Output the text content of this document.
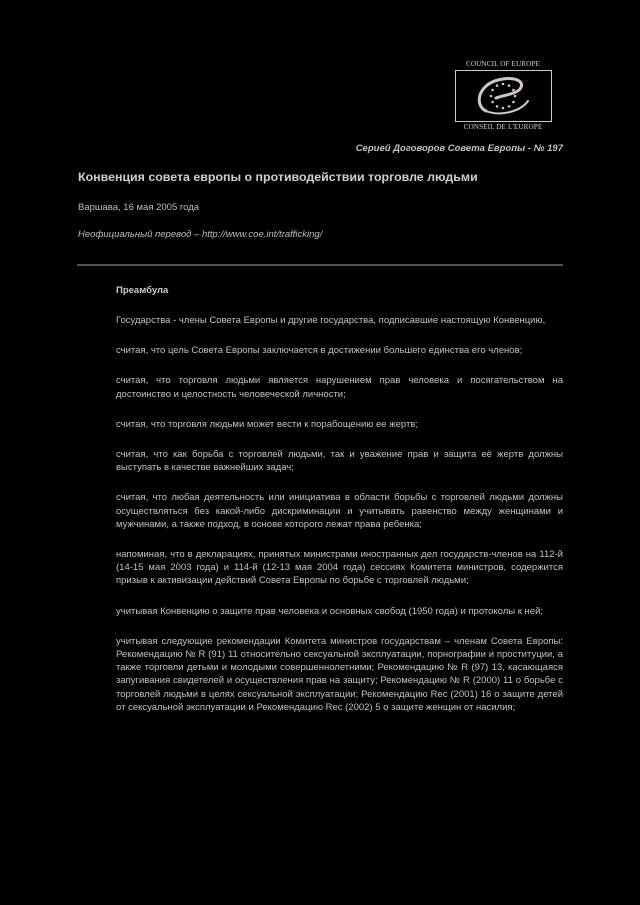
COUNCIL OF EUROPE
CONSEIL DE L'EUROPE
Серией Договоров Совета Европы - № 197
Конвенция совета европы о противодействии торговле людьми
Варшава, 16 мая 2005 года
Неофициальный перевод – http://www.coe.int/trafficking/
Преамбула

Государства - члены Совета Европы и другие государства, подписавшие настоящую Конвенцию,

считая, что цель Совета Европы заключается в достижении большего единства его членов;

считая, что торговля людьми является нарушением прав человека и посягательством на достоинство и целостность человеческой личности;

считая, что торговля людьми может вести к порабощению ее жертв;

считая, что как борьба с торговлей людьми, так и уважение прав и защита её жертв должны выступать в качестве важнейших задач;

считая, что любая деятельность или инициатива в области борьбы с торговлей людьми должны осуществляться без какой-либо дискриминации и учитывать равенство между женщинами и мужчинами, а также подход, в основе которого лежат права ребенка;

напоминая, что в декларациях, принятых министрами иностранных дел государств-членов на 112-й (14-15 мая 2003 года) и 114-й (12-13 мая 2004 года) сессиях Комитета министров, содержится призыв к активизации действий Совета Европы по борьбе с торговлей людьми;

учитывая Конвенцию о защите прав человека и основных свобод (1950 года) и протоколы к ней;

учитывая следующие рекомендации Комитета министров государствам – членам Совета Европы: Рекомендацию № R (91) 11 относительно сексуальной эксплуатации, порнографии и проституции, а также торговли детьми и молодыми совершеннолетними; Рекомендацию № R (97) 13, касающаяся запугивания свидетелей и осуществления прав на защиту; Рекомендацию № R (2000) 11 о борьбе с торговлей людьми в целях сексуальной эксплуатации; Рекомендацию Rec (2001) 16 о защите детей от сексуальной эксплуатации и Рекомендацию Rec (2002) 5 о защите женщин от насилия;
